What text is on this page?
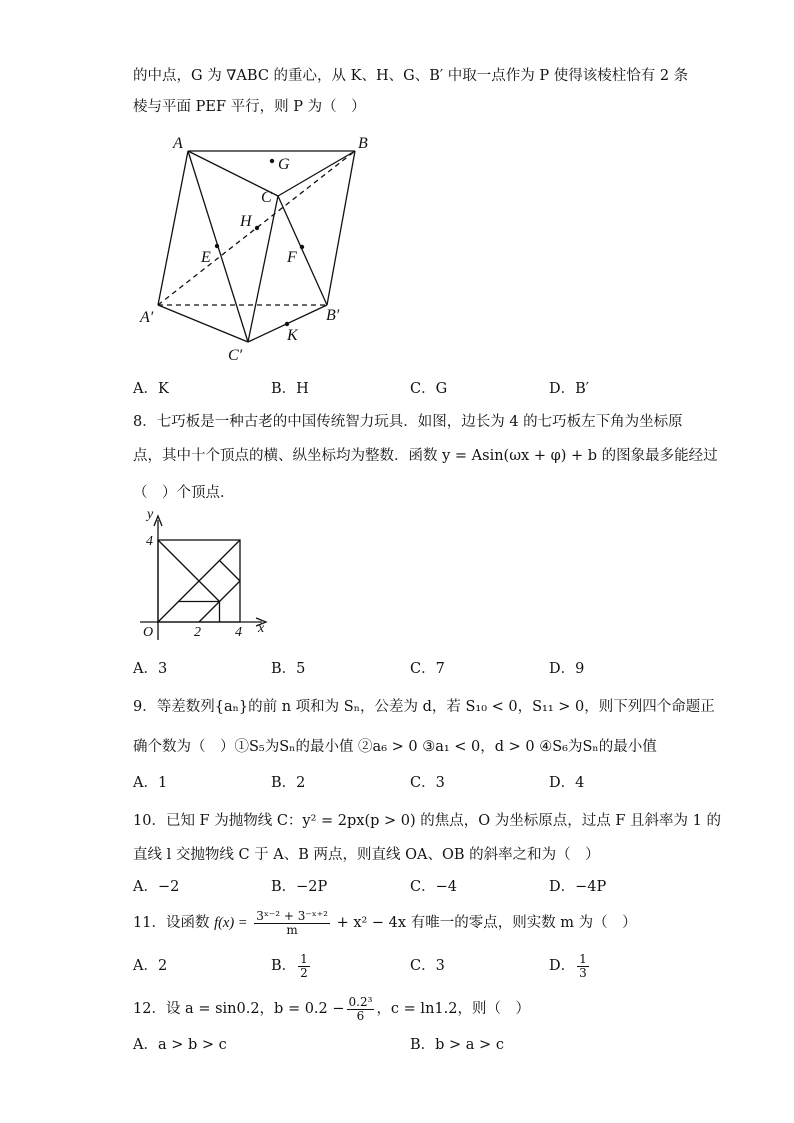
的中点，G 为 ∇ABC 的重心，从 K、H、G、B′ 中取一点作为 P 使得该棱柱恰有 2 条
棱与平面 PEF 平行，则 P 为（　）
A	B
C
G
H
E	F
A′	B′
C′
K
A．K	B．H	C．G	D．B′
8．七巧板是一种古老的中国传统智力玩具．如图，边长为 4 的七巧板左下角为坐标原
点，其中十个顶点的横、纵坐标均为整数．函数 y = Asin(ωx + φ) + b 的图象最多能经过
（　）个顶点．
y
x
O	2 4
4
A．3	B．5	C．7	D．9
9．等差数列{aₙ}的前 n 项和为 Sₙ，公差为 d，若 S₁₀ < 0，S₁₁ > 0，则下列四个命题正
确个数为（　）①S₅为Sₙ的最小值 ②a₆ > 0 ③a₁ < 0，d > 0 ④S₆为Sₙ的最小值
A．1	B．2	C．3	D．4
10．已知 F 为抛物线 C：y² = 2px(p > 0) 的焦点，O 为坐标原点，过点 F 且斜率为 1 的
直线 l 交抛物线 C 于 A、B 两点，则直线 OA、OB 的斜率之和为（　）
A．−2	B．−2P	C．−4	D．−4P
11．设函数 $f(x) = \frac{\text{3ˣ⁻² + 3⁻ˣ⁺²}}{m} + x^2 - 4x$ 有唯一的零点，则实数 m 为（　）
A．2	B． $\frac{1}{2}$	C．3	D． $\frac{1}{3}$
12．设 a = sin0.2，$b = 0.2 - \frac{\text{0.2³}}{6}$ ，c = ln1.2，则（　）
A．a > b > c	B．b > a > c
